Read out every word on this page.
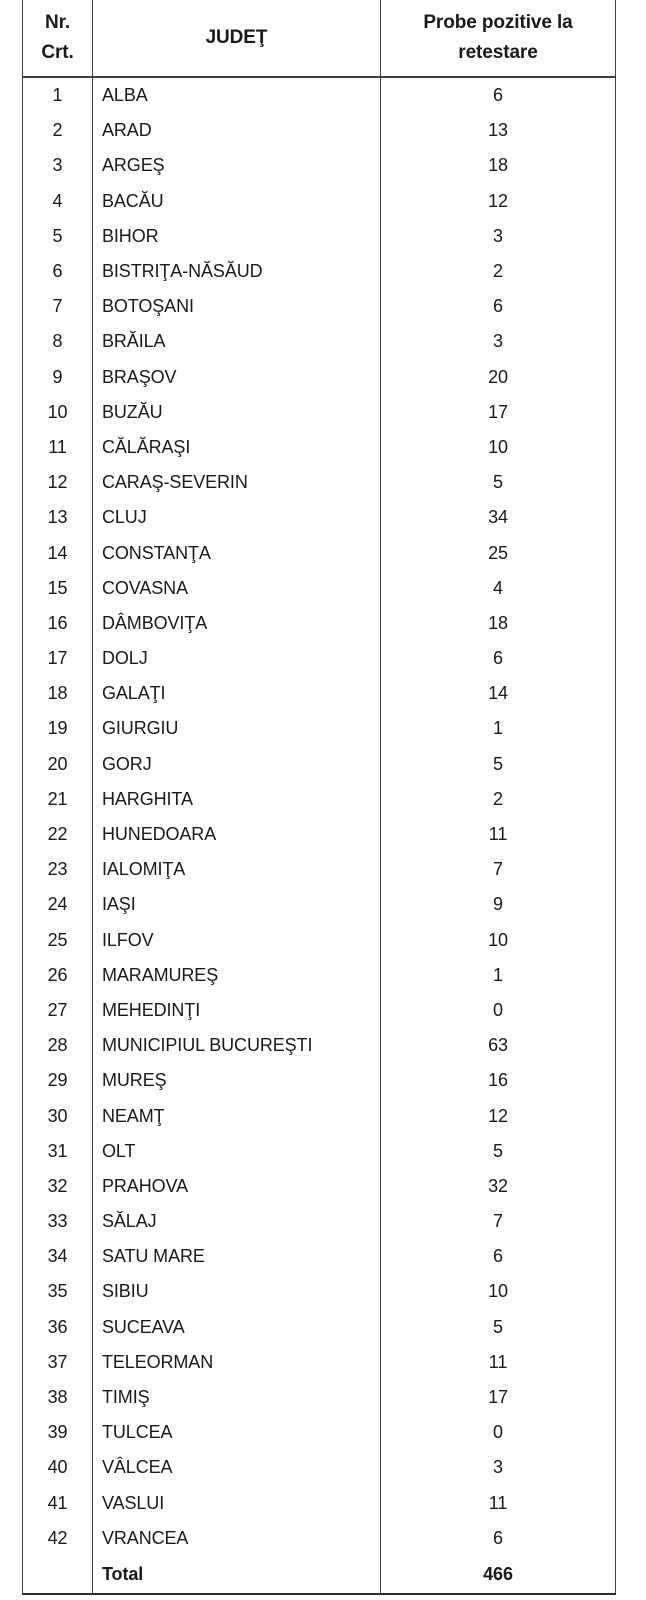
Nr. Crt.	JUDEŢ	Probe pozitive la retestare
1	ALBA	6
2	ARAD	13
3	ARGEŞ	18
4	BACĂU	12
5	BIHOR	3
6	BISTRIŢA-NĂSĂUD	2
7	BOTOŞANI	6
8	BRĂILA	3
9	BRAŞOV	20
10	BUZĂU	17
11	CĂLĂRAŞI	10
12	CARAŞ-SEVERIN	5
13	CLUJ	34
14	CONSTANŢA	25
15	COVASNA	4
16	DÂMBOVIŢA	18
17	DOLJ	6
18	GALAŢI	14
19	GIURGIU	1
20	GORJ	5
21	HARGHITA	2
22	HUNEDOARA	11
23	IALOMIŢA	7
24	IAŞI	9
25	ILFOV	10
26	MARAMUREŞ	1
27	MEHEDINŢI	0
28	MUNICIPIUL BUCUREŞTI	63
29	MUREŞ	16
30	NEAMŢ	12
31	OLT	5
32	PRAHOVA	32
33	SĂLAJ	7
34	SATU MARE	6
35	SIBIU	10
36	SUCEAVA	5
37	TELEORMAN	11
38	TIMIŞ	17
39	TULCEA	0
40	VÂLCEA	3
41	VASLUI	11
42	VRANCEA	6
	Total	466
